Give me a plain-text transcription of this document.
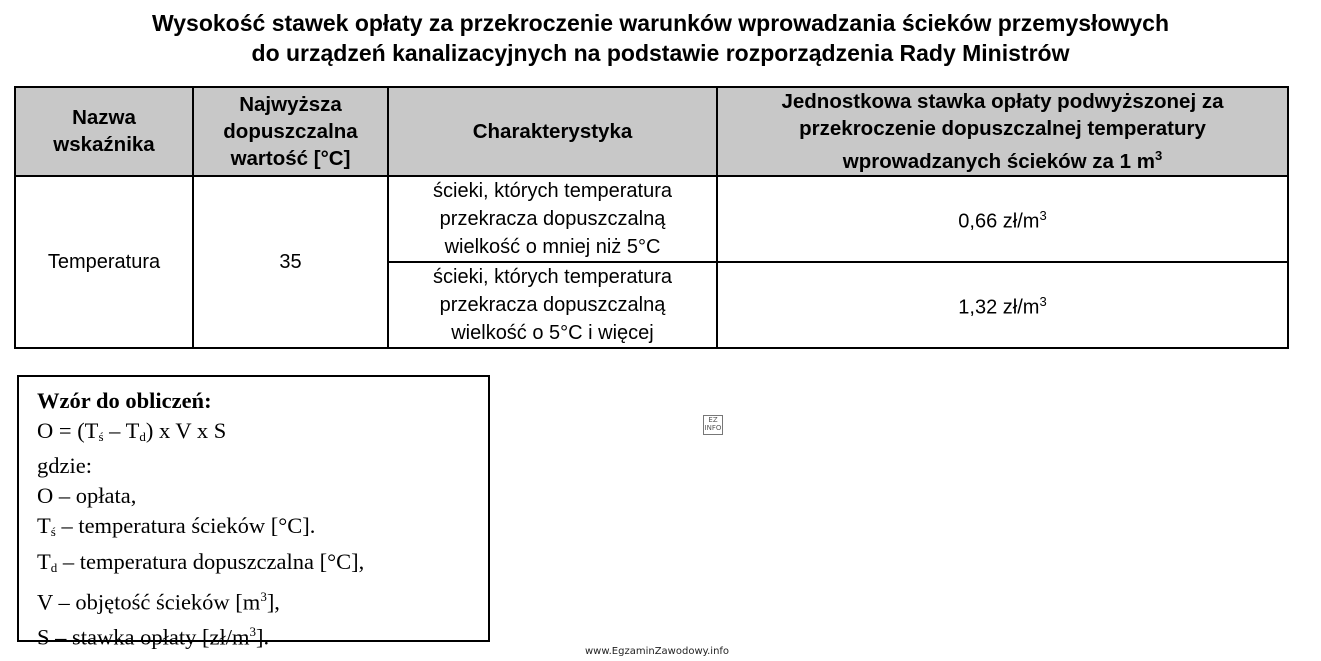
Wysokość stawek opłaty za przekroczenie warunków wprowadzania ścieków przemysłowych
do urządzeń kanalizacyjnych na podstawie rozporządzenia Rady Ministrów
Nazwa
wskaźnika	Najwyższa
dopuszczalna
wartość [°C]	Charakterystyka	Jednostkowa stawka opłaty podwyższonej za
przekroczenie dopuszczalnej temperatury
wprowadzanych ścieków za 1 $m^3$
Temperatura	35	ścieki, których temperatura
przekracza dopuszczalną
wielkość o mniej niż 5°C	0,66 $zł/m^3$
		ścieki, których temperatura
przekracza dopuszczalną
wielkość o 5°C i więcej	1,32 $zł/m^3$
Wzór do obliczeń:
$O = (T_ś - T_d)$ x V x S
gdzie:
O – opłata,
$T_ś$ – temperatura ścieków [°C].
$T_d$ – temperatura dopuszczalna [°C],
V – objętość ścieków $[m^3]$,
S – stawka opłaty $[zł/m^3]$.
EZ INFO
www.EgzaminZawodowy.info
